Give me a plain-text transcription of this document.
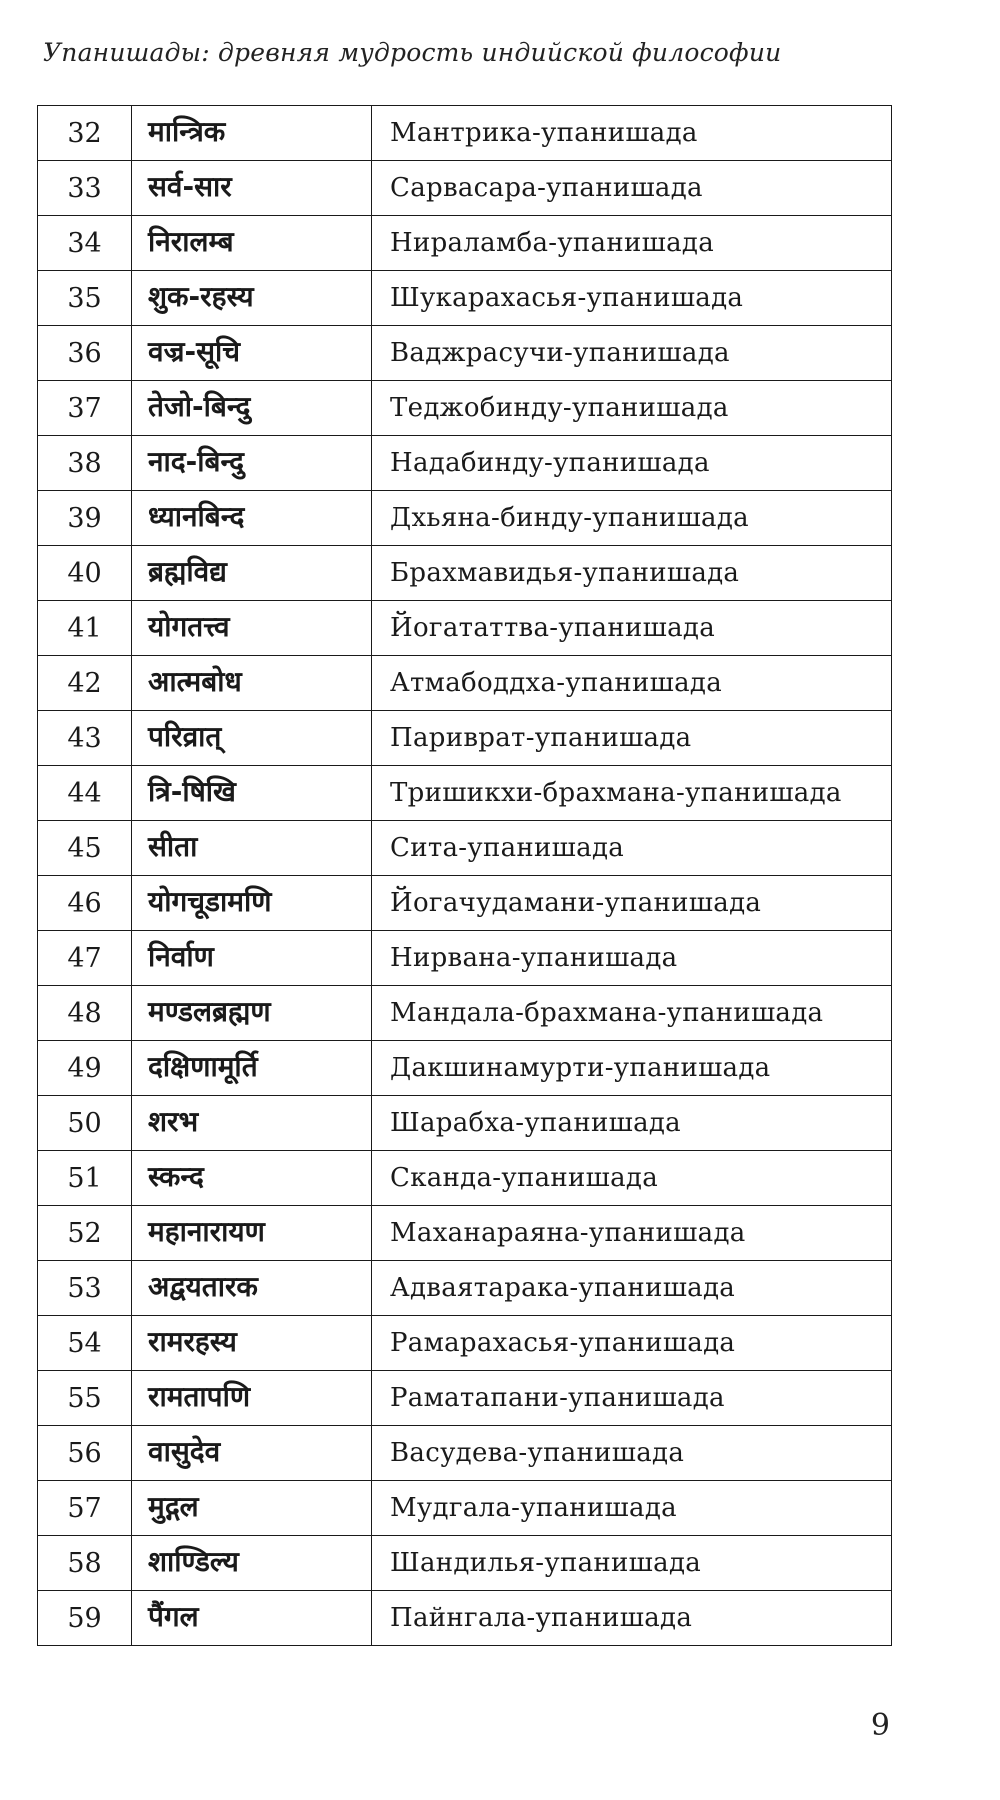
Упанишады: древняя мудрость индийской философии
32	मान्त्रिक	Мантрика-упанишада
33	सर्व-सार	Сарвасара-упанишада
34	निरालम्ब	Нираламба-упанишада
35	शुक-रहस्य	Шукарахасья-упанишада
36	वज्र-सूचि	Ваджрасучи-упанишада
37	तेजो-बिन्दु	Теджобинду-упанишада
38	नाद-बिन्दु	Надабинду-упанишада
39	ध्यानबिन्द	Дхьяна-бинду-упанишада
40	ब्रह्मविद्य	Брахмавидья-упанишада
41	योगतत्त्व	Йогататтва-упанишада
42	आत्मबोध	Атмабоддха-упанишада
43	परिव्रात्	Париврат-упанишада
44	त्रि-षिखि	Тришикхи-брахмана-упанишада
45	सीता	Сита-упанишада
46	योगचूडामणि	Йогачудамани-упанишада
47	निर्वाण	Нирвана-упанишада
48	मण्डलब्रह्मण	Мандала-брахмана-упанишада
49	दक्षिणामूर्ति	Дакшинамурти-упанишада
50	शरभ	Шарабха-упанишада
51	स्कन्द	Сканда-упанишада
52	महानारायण	Маханараяна-упанишада
53	अद्वयतारक	Адваятарака-упанишада
54	रामरहस्य	Рамарахасья-упанишада
55	रामतापणि	Раматапани-упанишада
56	वासुदेव	Васудева-упанишада
57	मुद्गल	Мудгала-упанишада
58	शाण्डिल्य	Шандилья-упанишада
59	पैंगल	Пайнгала-упанишада
9
